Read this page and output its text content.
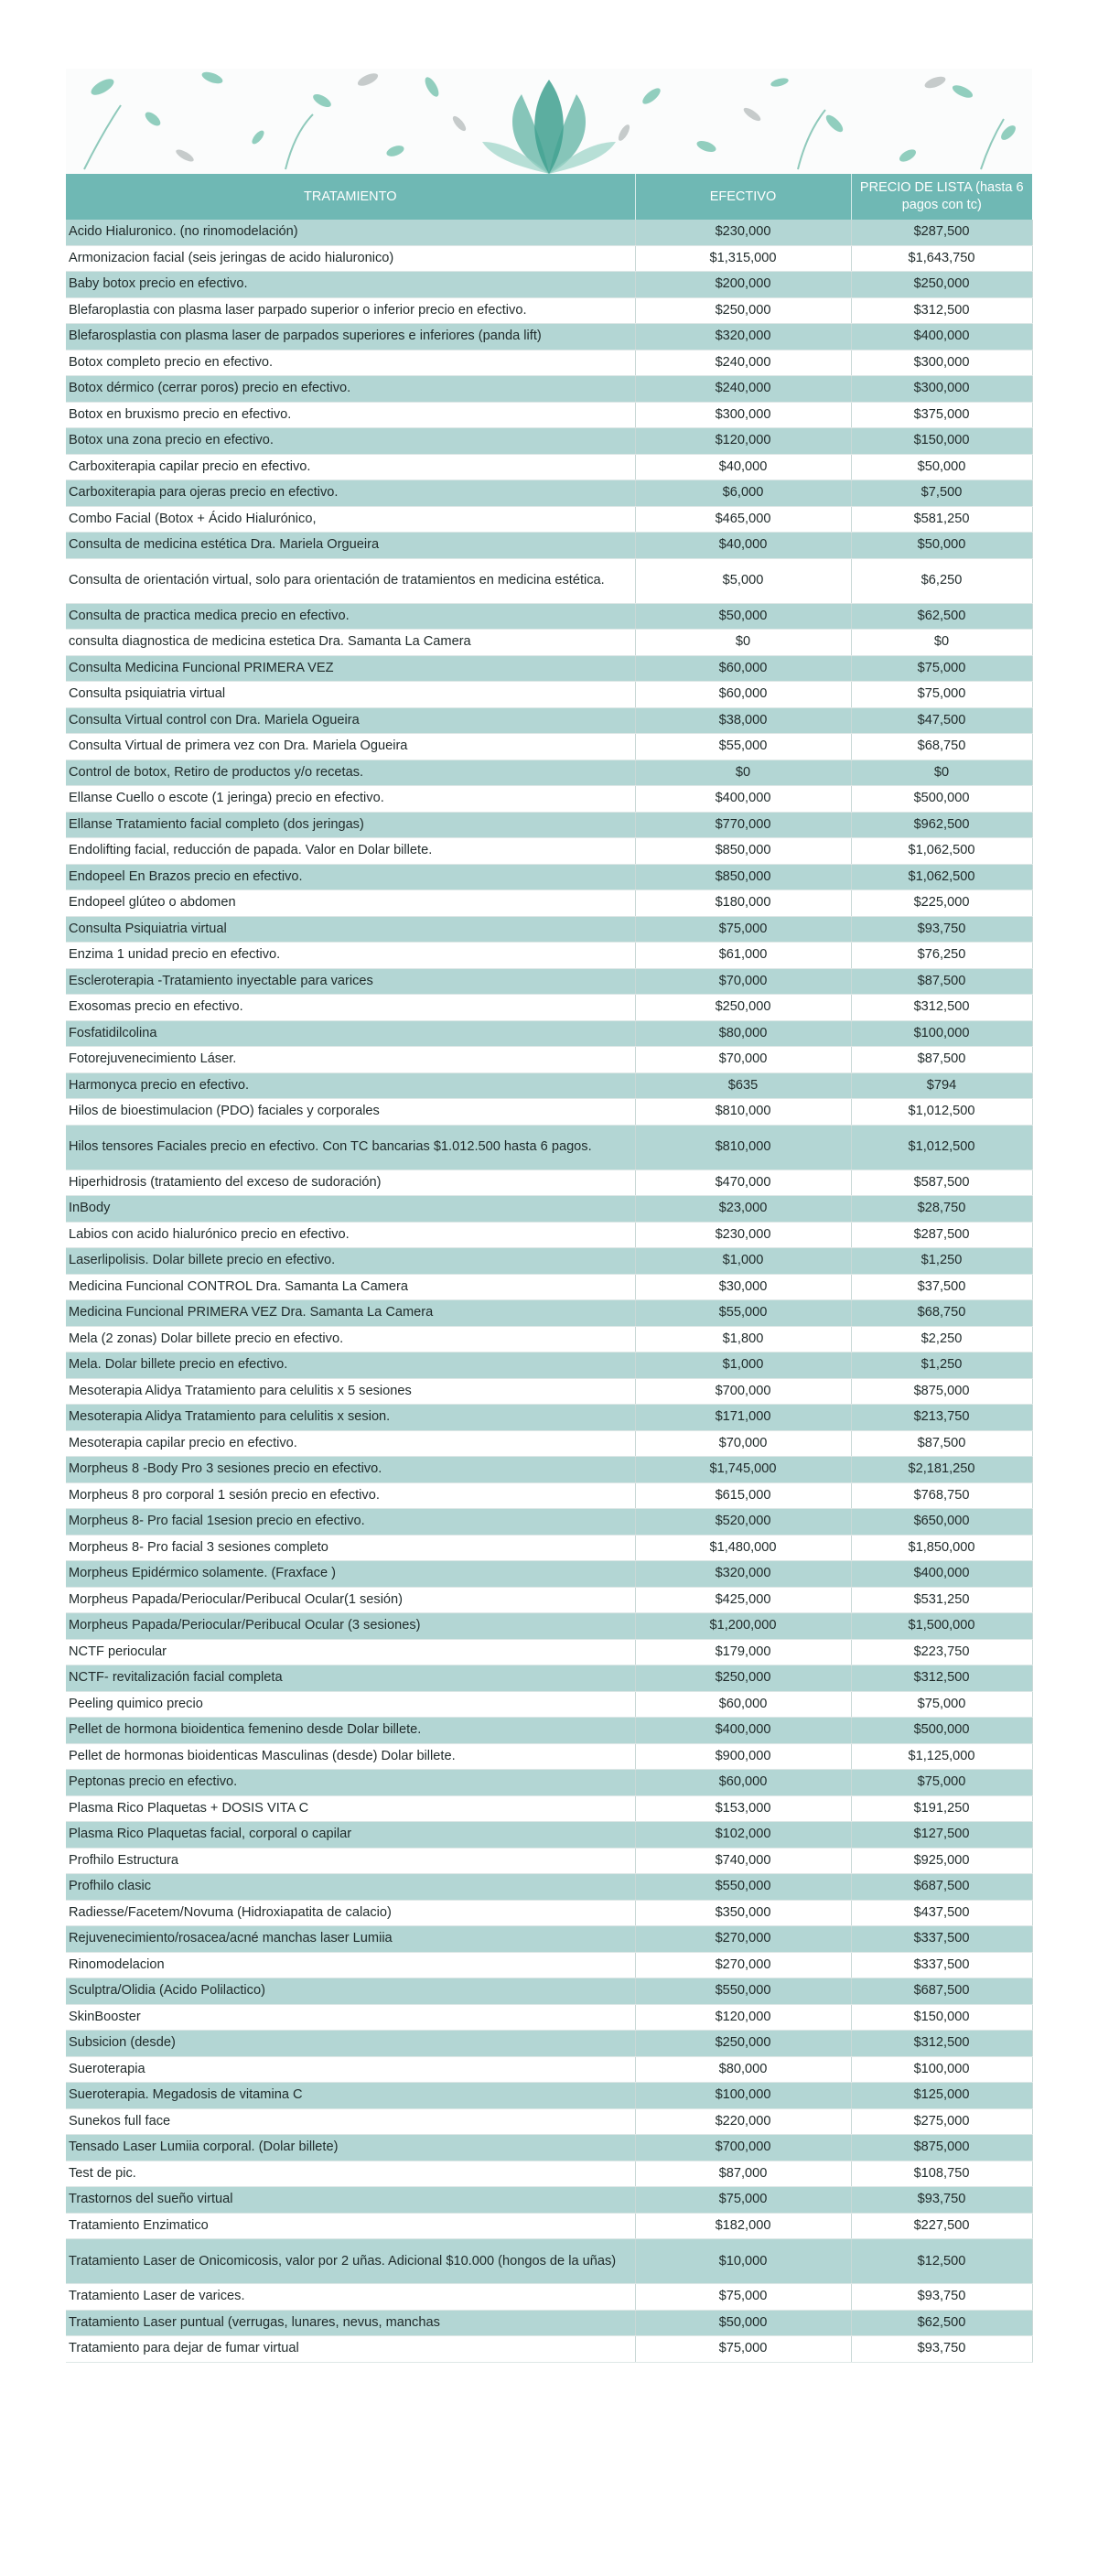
TRATAMIENTO	EFECTIVO	PRECIO DE LISTA (hasta 6 pagos con tc)
Acido Hialuronico. (no rinomodelación)	$230,000	$287,500
Armonizacion facial (seis jeringas de acido hialuronico)	$1,315,000	$1,643,750
Baby botox precio en efectivo.	$200,000	$250,000
Blefaroplastia con plasma laser parpado superior o inferior precio en efectivo.	$250,000	$312,500
Blefarosplastia con plasma laser de parpados superiores e inferiores (panda lift)	$320,000	$400,000
Botox completo precio en efectivo.	$240,000	$300,000
Botox dérmico (cerrar poros) precio en efectivo.	$240,000	$300,000
Botox en bruxismo precio en efectivo.	$300,000	$375,000
Botox una zona precio en efectivo.	$120,000	$150,000
Carboxiterapia capilar precio en efectivo.	$40,000	$50,000
Carboxiterapia para ojeras precio en efectivo.	$6,000	$7,500
Combo Facial (Botox + Ácido Hialurónico,	$465,000	$581,250
Consulta de medicina estética Dra. Mariela Orgueira	$40,000	$50,000
Consulta de orientación virtual, solo para orientación de tratamientos en medicina estética.	$5,000	$6,250
Consulta de practica medica precio en efectivo.	$50,000	$62,500
consulta diagnostica de medicina estetica Dra. Samanta La Camera	$0	$0
Consulta Medicina Funcional PRIMERA VEZ	$60,000	$75,000
Consulta psiquiatria virtual	$60,000	$75,000
Consulta Virtual control con Dra. Mariela Ogueira	$38,000	$47,500
Consulta Virtual de primera vez con Dra. Mariela Ogueira	$55,000	$68,750
Control de botox, Retiro de productos y/o recetas.	$0	$0
Ellanse Cuello o escote (1 jeringa) precio en efectivo.	$400,000	$500,000
Ellanse Tratamiento facial completo (dos jeringas)	$770,000	$962,500
Endolifting facial, reducción de papada. Valor en Dolar billete.	$850,000	$1,062,500
Endopeel En Brazos precio en efectivo.	$850,000	$1,062,500
Endopeel glúteo o abdomen	$180,000	$225,000
Consulta Psiquiatria virtual	$75,000	$93,750
Enzima 1 unidad precio en efectivo.	$61,000	$76,250
Escleroterapia -Tratamiento inyectable para varices	$70,000	$87,500
Exosomas precio en efectivo.	$250,000	$312,500
Fosfatidilcolina	$80,000	$100,000
Fotorejuvenecimiento Láser.	$70,000	$87,500
Harmonyca precio en efectivo.	$635	$794
Hilos de bioestimulacion (PDO) faciales y corporales	$810,000	$1,012,500
Hilos tensores Faciales precio en efectivo. Con TC bancarias $1.012.500 hasta 6 pagos.	$810,000	$1,012,500
Hiperhidrosis (tratamiento del exceso de sudoración)	$470,000	$587,500
InBody	$23,000	$28,750
Labios con acido hialurónico precio en efectivo.	$230,000	$287,500
Laserlipolisis. Dolar billete precio en efectivo.	$1,000	$1,250
Medicina Funcional CONTROL Dra. Samanta La Camera	$30,000	$37,500
Medicina Funcional PRIMERA VEZ Dra. Samanta La Camera	$55,000	$68,750
Mela (2 zonas) Dolar billete precio en efectivo.	$1,800	$2,250
Mela. Dolar billete precio en efectivo.	$1,000	$1,250
Mesoterapia Alidya Tratamiento para celulitis x 5 sesiones	$700,000	$875,000
Mesoterapia Alidya Tratamiento para celulitis x sesion.	$171,000	$213,750
Mesoterapia capilar precio en efectivo.	$70,000	$87,500
Morpheus 8 -Body Pro 3 sesiones precio en efectivo.	$1,745,000	$2,181,250
Morpheus 8 pro corporal 1 sesión precio en efectivo.	$615,000	$768,750
Morpheus 8- Pro facial 1sesion precio en efectivo.	$520,000	$650,000
Morpheus 8- Pro facial 3 sesiones completo	$1,480,000	$1,850,000
Morpheus Epidérmico solamente. (Fraxface )	$320,000	$400,000
Morpheus Papada/Periocular/Peribucal Ocular(1 sesión)	$425,000	$531,250
Morpheus Papada/Periocular/Peribucal Ocular (3 sesiones)	$1,200,000	$1,500,000
NCTF periocular	$179,000	$223,750
NCTF- revitalización facial completa	$250,000	$312,500
Peeling quimico precio	$60,000	$75,000
Pellet de hormona bioidentica femenino desde Dolar billete.	$400,000	$500,000
Pellet de hormonas bioidenticas Masculinas (desde) Dolar billete.	$900,000	$1,125,000
Peptonas precio en efectivo.	$60,000	$75,000
Plasma Rico Plaquetas + DOSIS VITA C	$153,000	$191,250
Plasma Rico Plaquetas facial, corporal o capilar	$102,000	$127,500
Profhilo Estructura	$740,000	$925,000
Profhilo clasic	$550,000	$687,500
Radiesse/Facetem/Novuma (Hidroxiapatita de calacio)	$350,000	$437,500
Rejuvenecimiento/rosacea/acné manchas laser Lumiia	$270,000	$337,500
Rinomodelacion	$270,000	$337,500
Sculptra/Olidia (Acido Polilactico)	$550,000	$687,500
SkinBooster	$120,000	$150,000
Subsicion (desde)	$250,000	$312,500
Sueroterapia	$80,000	$100,000
Sueroterapia. Megadosis de vitamina C	$100,000	$125,000
Sunekos full face	$220,000	$275,000
Tensado Laser Lumiia corporal. (Dolar billete)	$700,000	$875,000
Test de pic.	$87,000	$108,750
Trastornos del sueño virtual	$75,000	$93,750
Tratamiento Enzimatico	$182,000	$227,500
Tratamiento Laser de Onicomicosis, valor por 2 uñas. Adicional $10.000 (hongos de la uñas)	$10,000	$12,500
Tratamiento Laser de varices.	$75,000	$93,750
Tratamiento Laser puntual (verrugas, lunares, nevus, manchas	$50,000	$62,500
Tratamiento para dejar de fumar virtual	$75,000	$93,750
